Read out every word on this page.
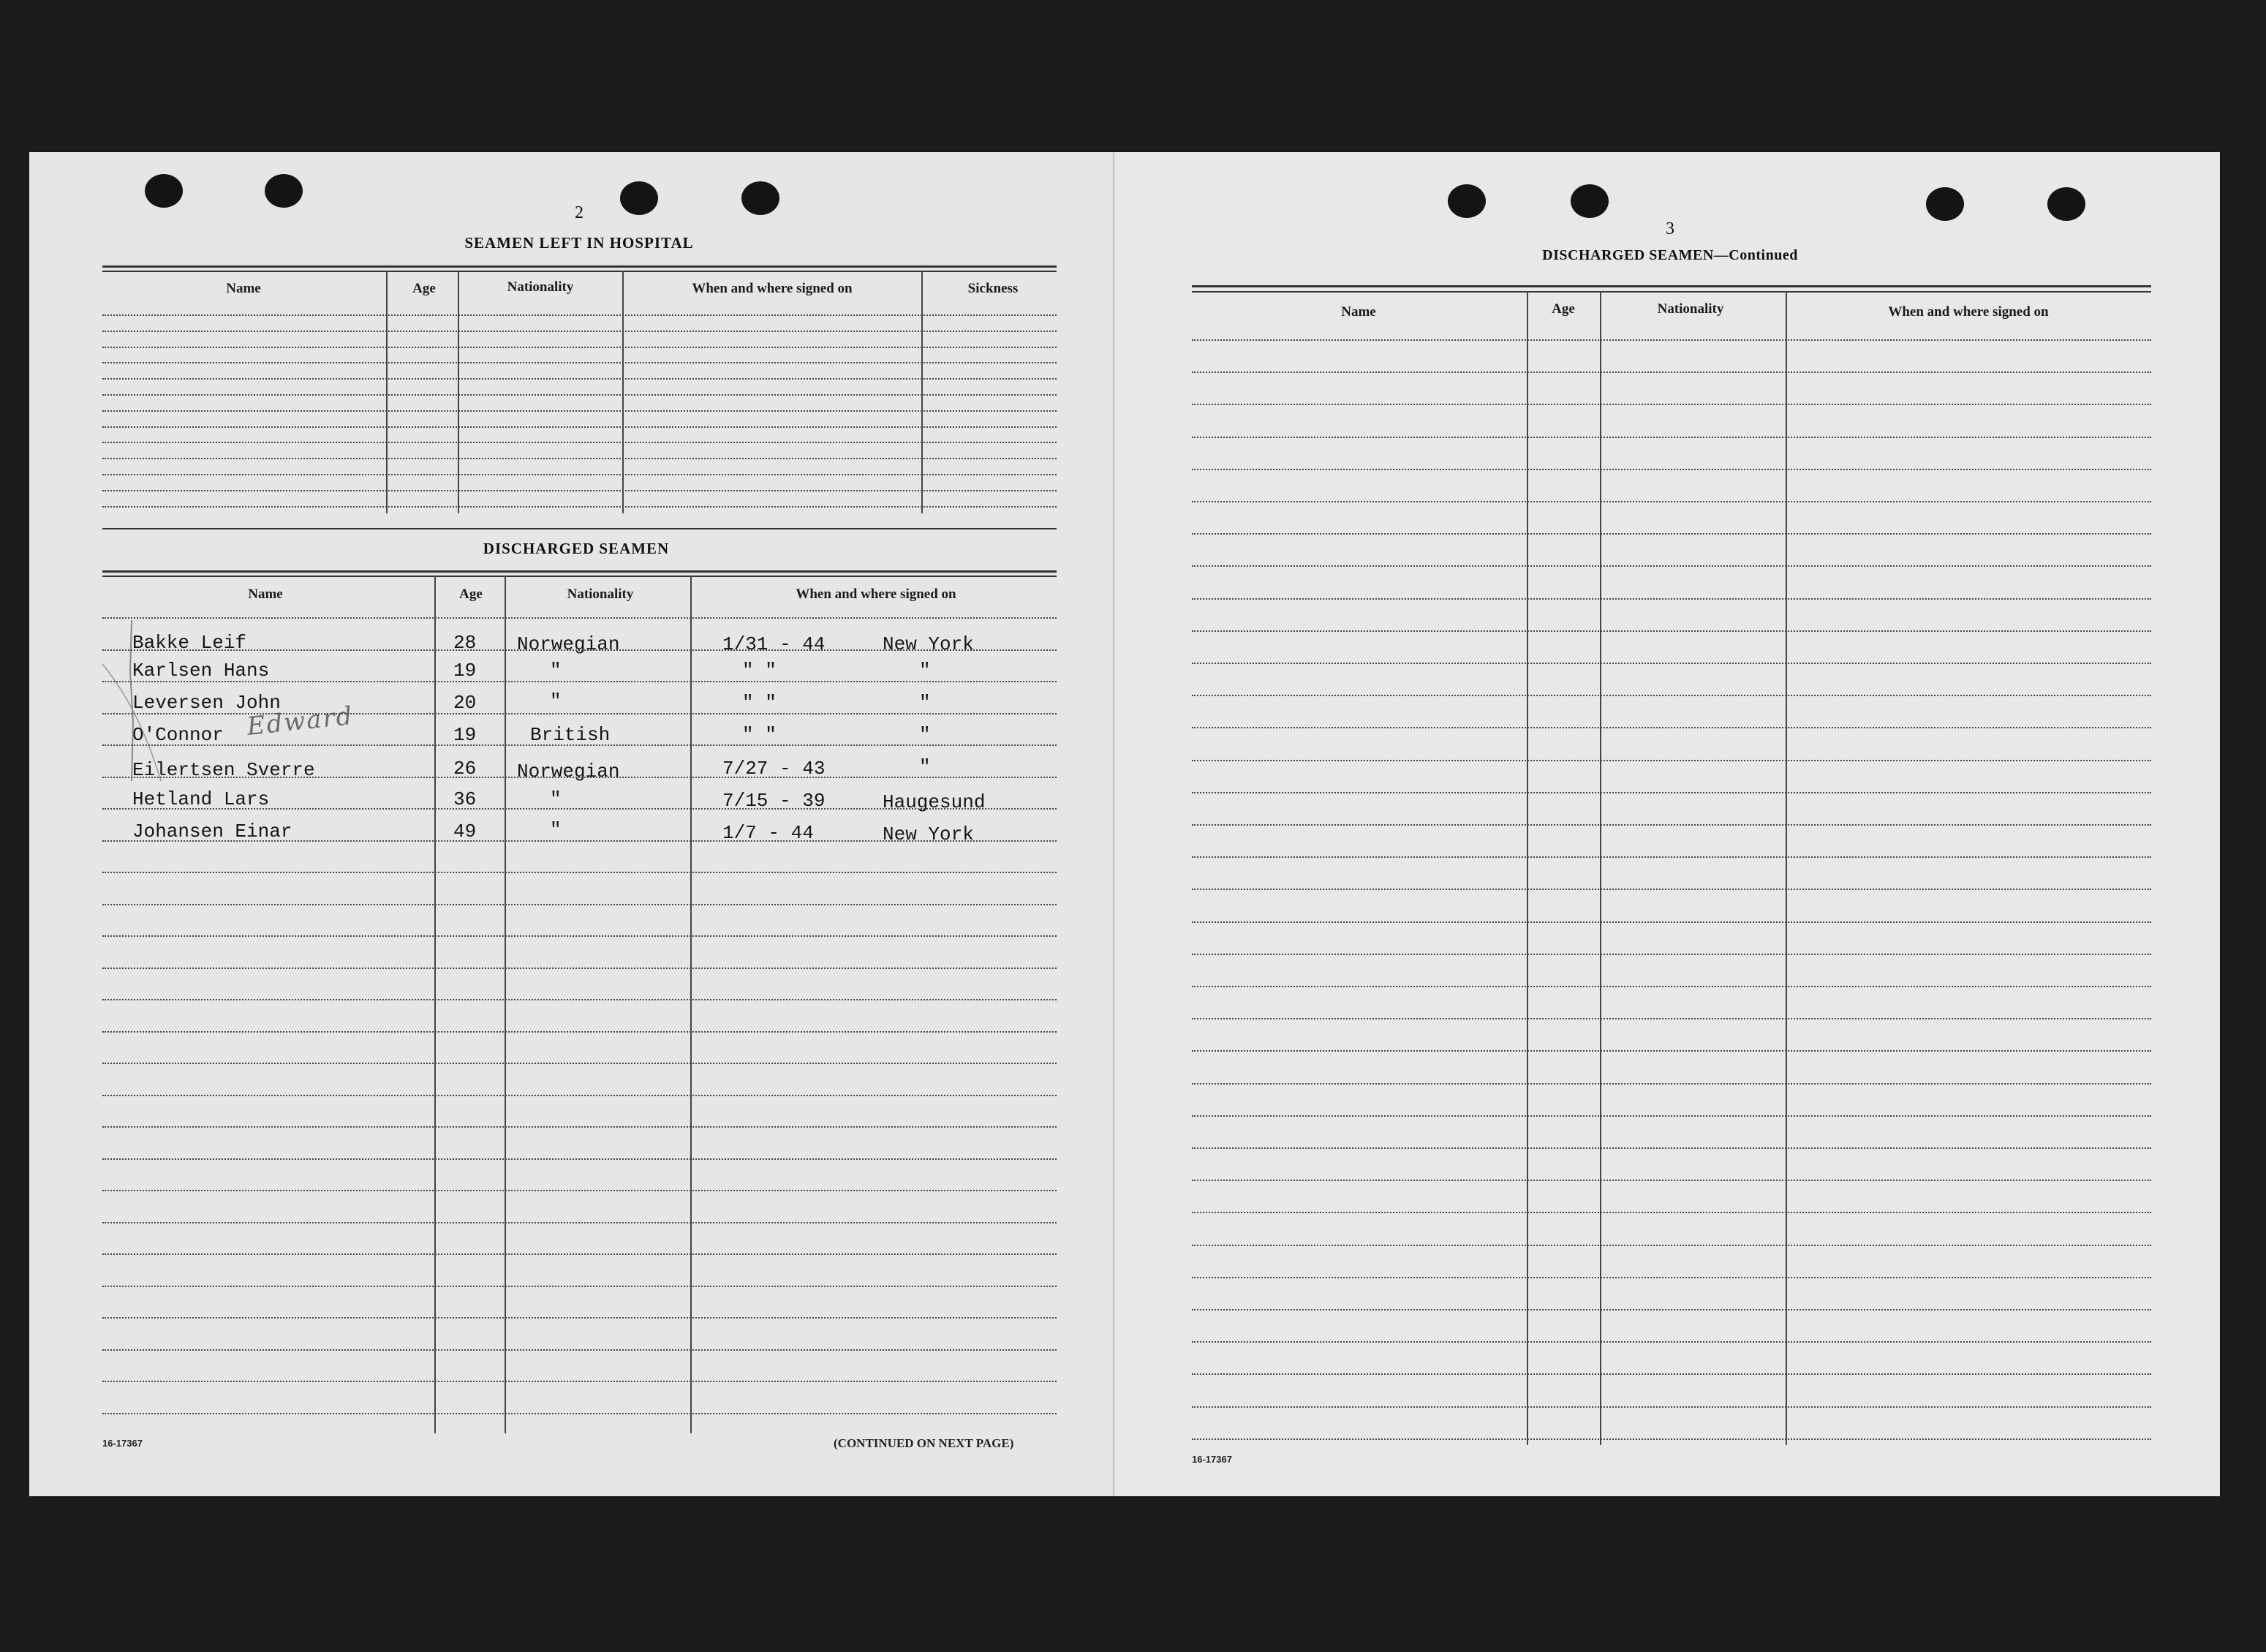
2
SEAMEN LEFT IN HOSPITAL
Name	Age	Nationality	When and where signed on	Sickness
DISCHARGED SEAMEN
Name	Age	Nationality	When and where signed on
Bakke Leif	28 Norwegian	1/31 - 44	New York
Karlsen Hans	19	"	" "	"
Leversen John	20	"	" "	"
O'Connor Edward	19	British	" "	"
Eilertsen Sverre	26 Norwegian	7/27 - 43	"
Hetland Lars	36	"	7/15 - 39	Haugesund
Johansen Einar	49	"	1/7 - 44	New York
16-17367	(CONTINUED ON NEXT PAGE)
3
DISCHARGED SEAMEN—Continued
Name	Age	Nationality	When and where signed on
16-17367
